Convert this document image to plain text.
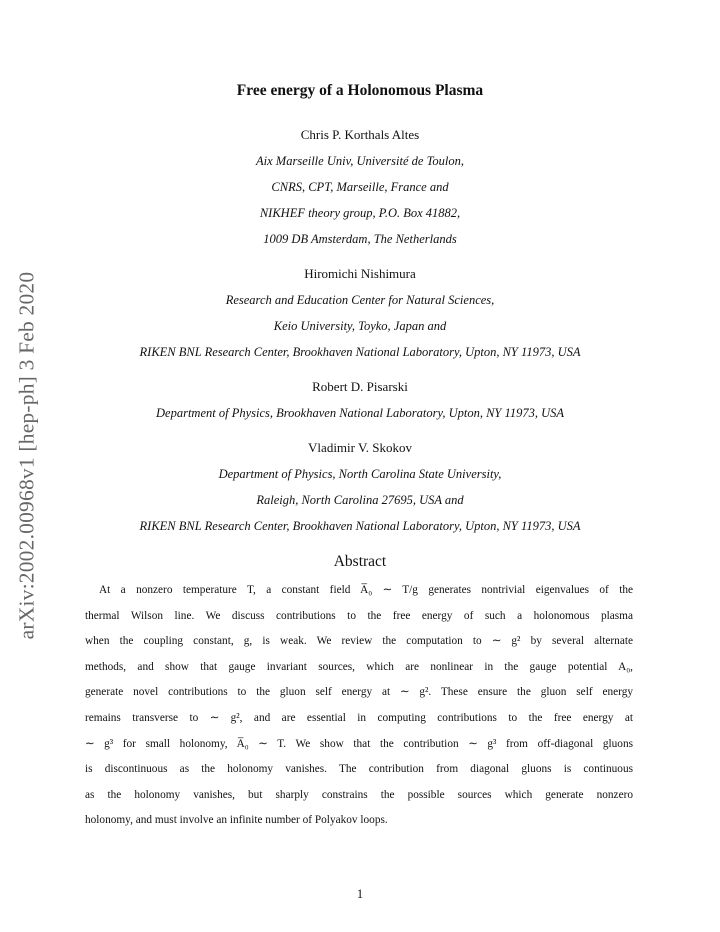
arXiv:2002.00968v1 [hep-ph] 3 Feb 2020
Free energy of a Holonomous Plasma
Chris P. Korthals Altes
Aix Marseille Univ, Université de Toulon,
CNRS, CPT, Marseille, France and
NIKHEF theory group, P.O. Box 41882,
1009 DB Amsterdam, The Netherlands
Hiromichi Nishimura
Research and Education Center for Natural Sciences,
Keio University, Toyko, Japan and
RIKEN BNL Research Center, Brookhaven National Laboratory, Upton, NY 11973, USA
Robert D. Pisarski
Department of Physics, Brookhaven National Laboratory, Upton, NY 11973, USA
Vladimir V. Skokov
Department of Physics, North Carolina State University,
Raleigh, North Carolina 27695, USA and
RIKEN BNL Research Center, Brookhaven National Laboratory, Upton, NY 11973, USA
Abstract
At a nonzero temperature T, a constant field A̅₀ ∼ T/g generates nontrivial eigenvalues of the
thermal Wilson line. We discuss contributions to the free energy of such a holonomous plasma
when the coupling constant, g, is weak. We review the computation to ∼ g² by several alternate
methods, and show that gauge invariant sources, which are nonlinear in the gauge potential A₀,
generate novel contributions to the gluon self energy at ∼ g². These ensure the gluon self energy
remains transverse to ∼ g², and are essential in computing contributions to the free energy at
∼ g³ for small holonomy, A̅₀ ∼ T. We show that the contribution ∼ g³ from off-diagonal gluons
is discontinuous as the holonomy vanishes. The contribution from diagonal gluons is continuous
as the holonomy vanishes, but sharply constrains the possible sources which generate nonzero
holonomy, and must involve an infinite number of Polyakov loops.
1
